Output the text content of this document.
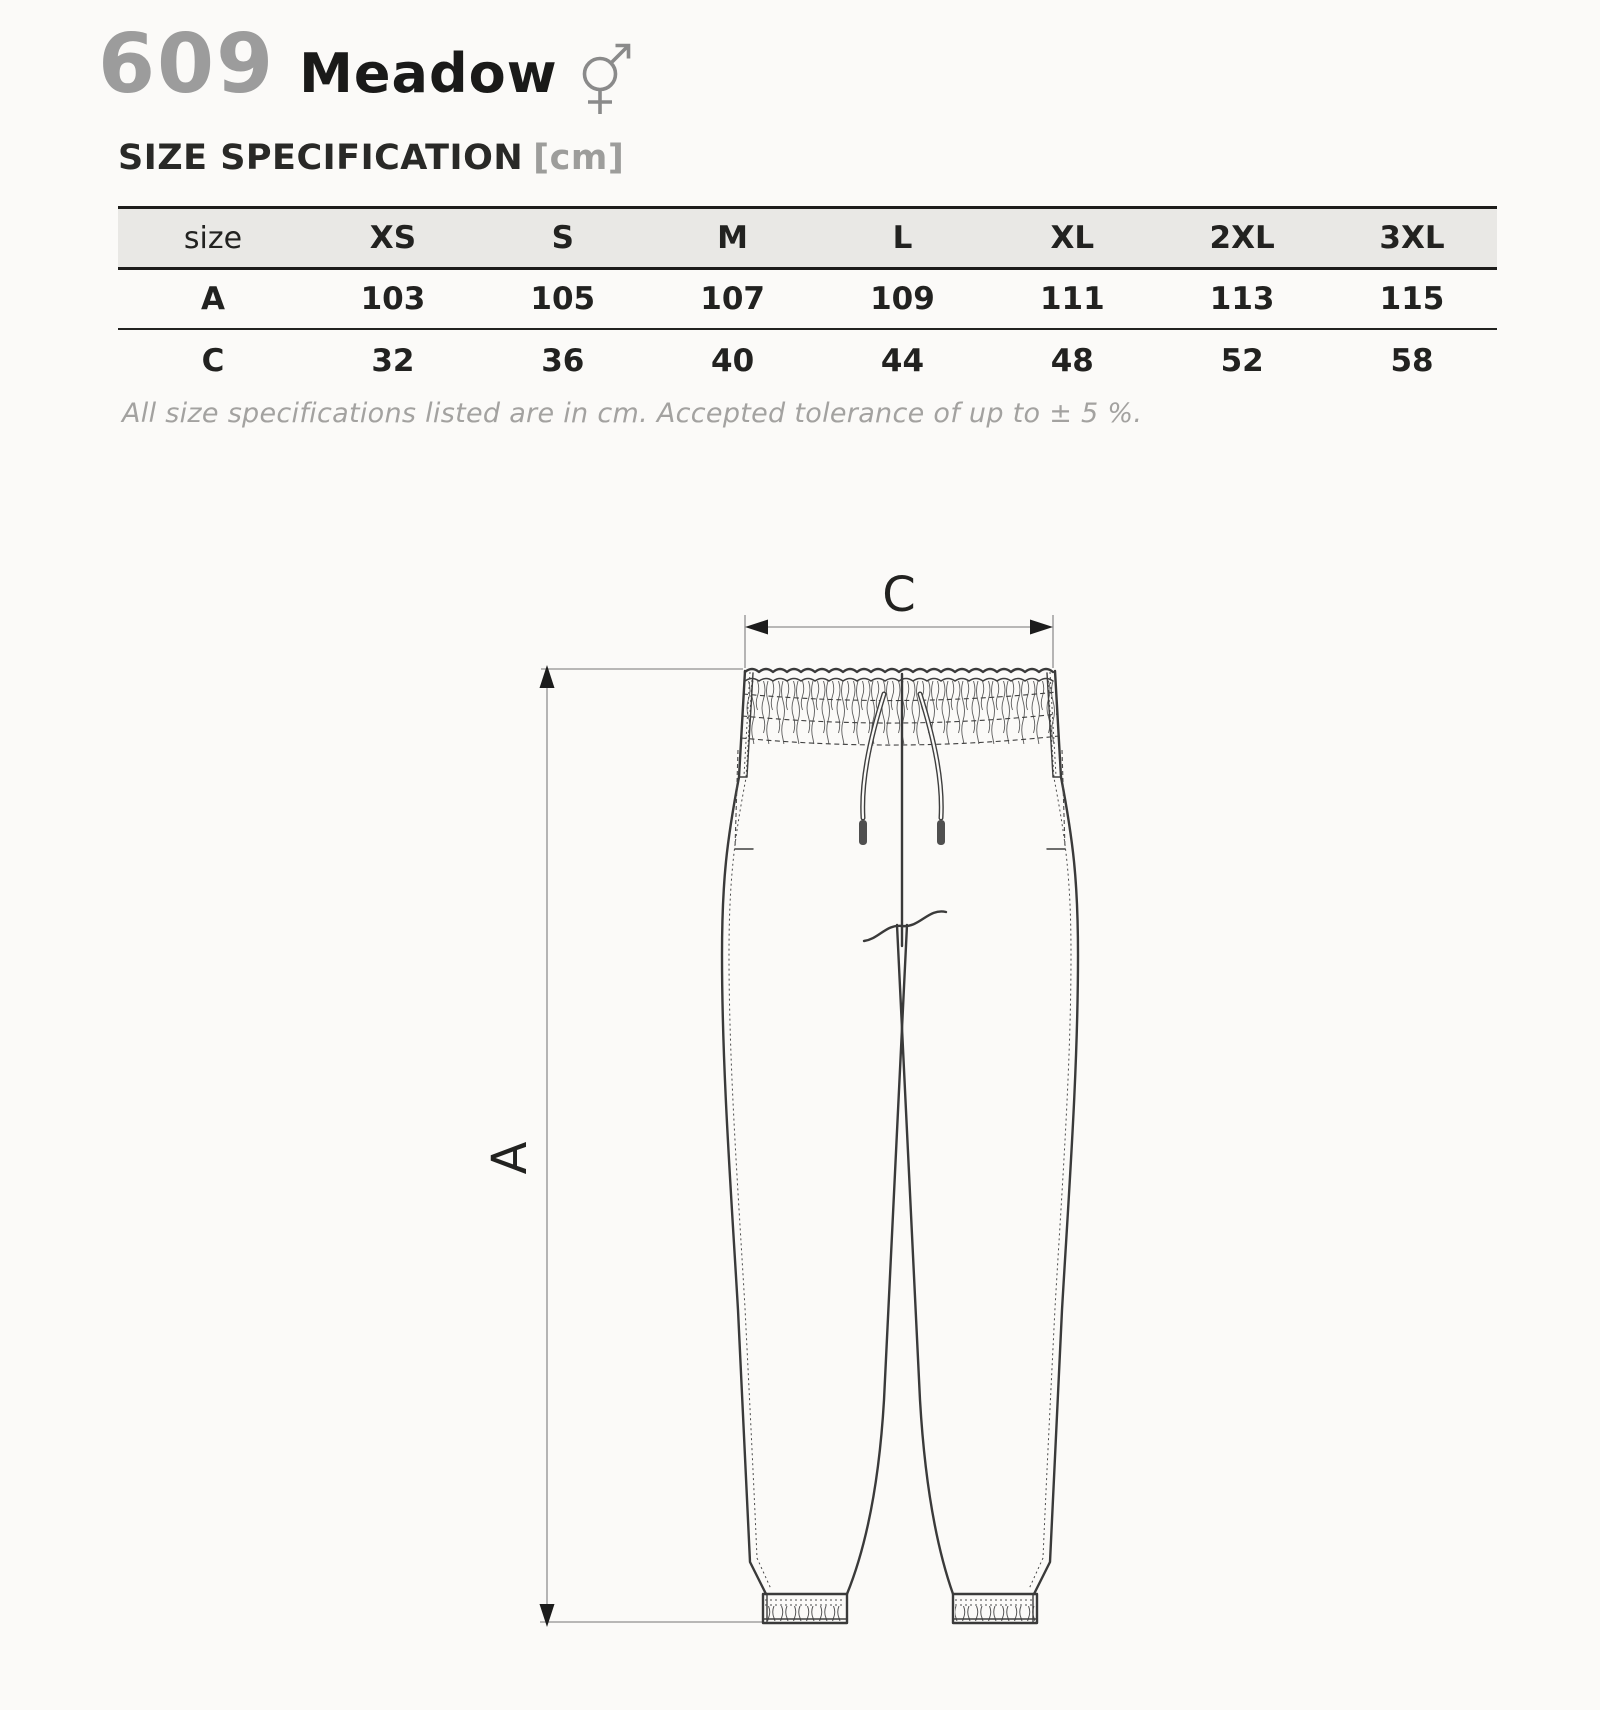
609 Meadow
SIZE SPECIFICATION [cm]
size	XS	S	M	L	XL	2XL	3XL
A	103	105	107	109	111	113	115
C	32	36	40	44	48	52	58
All size specifications listed are in cm. Accepted tolerance of up to ± 5 %.
A
C
